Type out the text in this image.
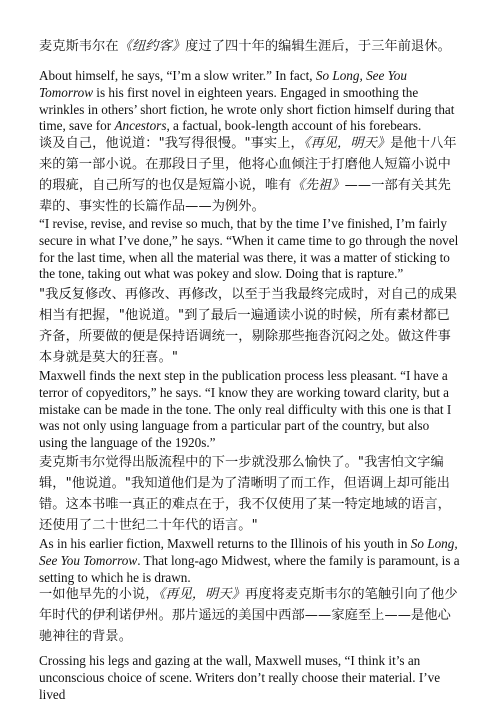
麦克斯韦尔在《纽约客》度过了四十年的编辑生涯后，于三年前退休。

About himself, he says, “I’m a slow writer.” In fact, So Long, See You Tomorrow is his first novel in eighteen years. Engaged in smoothing the wrinkles in others’ short fiction, he wrote only short fiction himself during that time, save for Ancestors, a factual, book-length account of his forebears.

谈及自己，他说道："我写得很慢。"事实上，《再见，明天》是他十八年来的第一部小说。在那段日子里，他将心血倾注于打磨他人短篇小说中的瑕疵，自己所写的也仅是短篇小说，唯有《先祖》——一部有关其先辈的、事实性的长篇作品——为例外。

“I revise, revise, and revise so much, that by the time I’ve finished, I’m fairly secure in what I’ve done,” he says. “When it came time to go through the novel for the last time, when all the material was there, it was a matter of sticking to the tone, taking out what was pokey and slow. Doing that is rapture.”

"我反复修改、再修改、再修改，以至于当我最终完成时，对自己的成果相当有把握，"他说道。"到了最后一遍通读小说的时候，所有素材都已齐备，所要做的便是保持语调统一，剔除那些拖沓沉闷之处。做这件事本身就是莫大的狂喜。"

Maxwell finds the next step in the publication process less pleasant. “I have a terror of copyeditors,” he says. “I know they are working toward clarity, but a mistake can be made in the tone. The only real difficulty with this one is that I was not only using language from a particular part of the country, but also using the language of the 1920s.”

麦克斯韦尔觉得出版流程中的下一步就没那么愉快了。"我害怕文字编辑，"他说道。"我知道他们是为了清晰明了而工作，但语调上却可能出错。这本书唯一真正的难点在于，我不仅使用了某一特定地域的语言，还使用了二十世纪二十年代的语言。"

As in his earlier fiction, Maxwell returns to the Illinois of his youth in So Long, See You Tomorrow. That long-ago Midwest, where the family is paramount, is a setting to which he is drawn.

一如他早先的小说，《再见，明天》再度将麦克斯韦尔的笔触引向了他少年时代的伊利诺伊州。那片遥远的美国中西部——家庭至上——是他心驰神往的背景。

Crossing his legs and gazing at the wall, Maxwell muses, “I think it’s an unconscious choice of scene. Writers don’t really choose their material. I’ve lived
